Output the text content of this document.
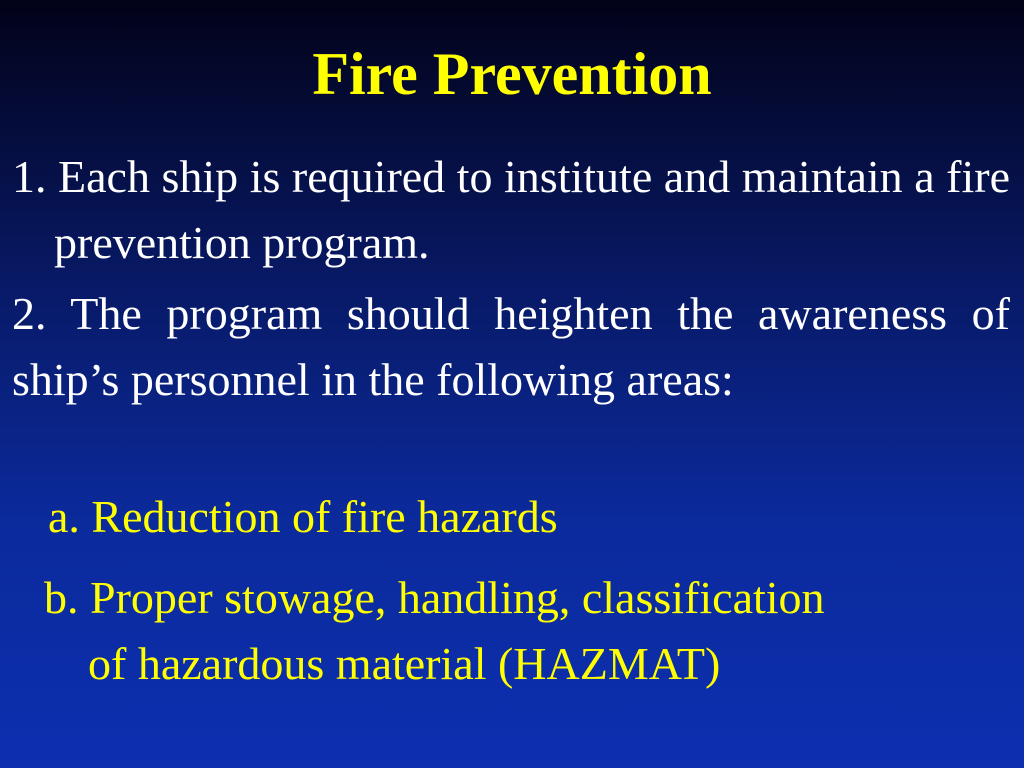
Fire Prevention
1. Each ship is required to institute and maintain a fire prevention program.
2. The program should heighten the awareness of ship’s personnel in the following areas:
a. Reduction of fire hazards
b. Proper stowage, handling, classification
of hazardous material (HAZMAT)
